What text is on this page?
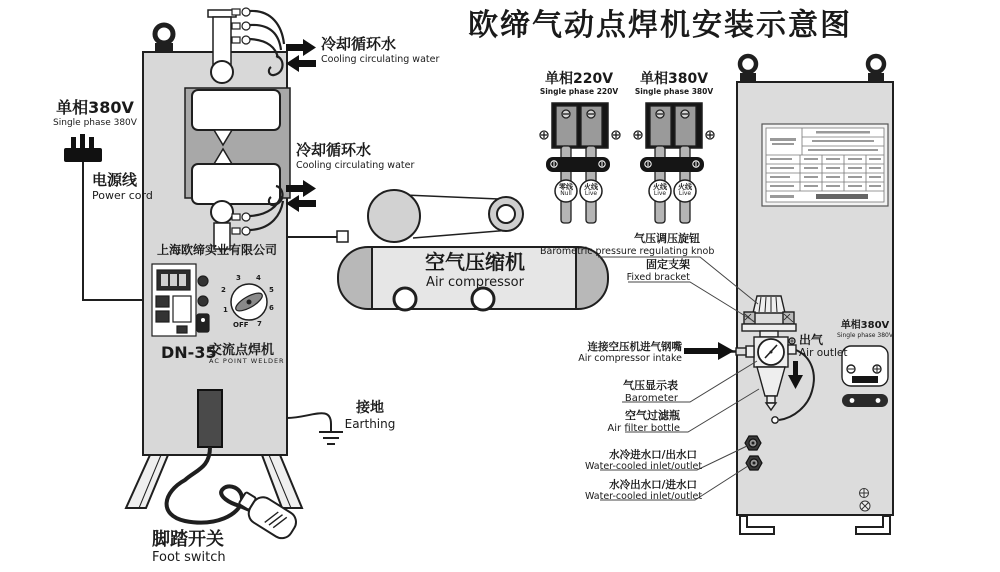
欧缔气动点焊机安装示意图
单相380V
Single phase 380V
电源线
Power cord
冷却循环水
Cooling circulating water
冷却循环水
Cooling circulating water
上海欧缔实业有限公司
DN-35
交流点焊机
AC POINT WELDER
1
2
3 4
5
6
7
OFF
接地
Earthing
脚踏开关
Foot switch
空气压缩机
Air compressor
单相220V
Single phase 220V
单相380V
Single phase 380V
零线
Null
火线
Live
火线
Live
火线
Live
气压调压旋钮
Barometric pressure regulating knob
固定支架
Fixed bracket
连接空压机进气钢嘴
Air compressor intake
气压显示表
Barometer
空气过滤瓶
Air filter bottle
水冷进水口/出水口
Water-cooled inlet/outlet
水冷出水口/进水口
Water-cooled inlet/outlet
出气
Air outlet
单相380V
Single phase 380V
